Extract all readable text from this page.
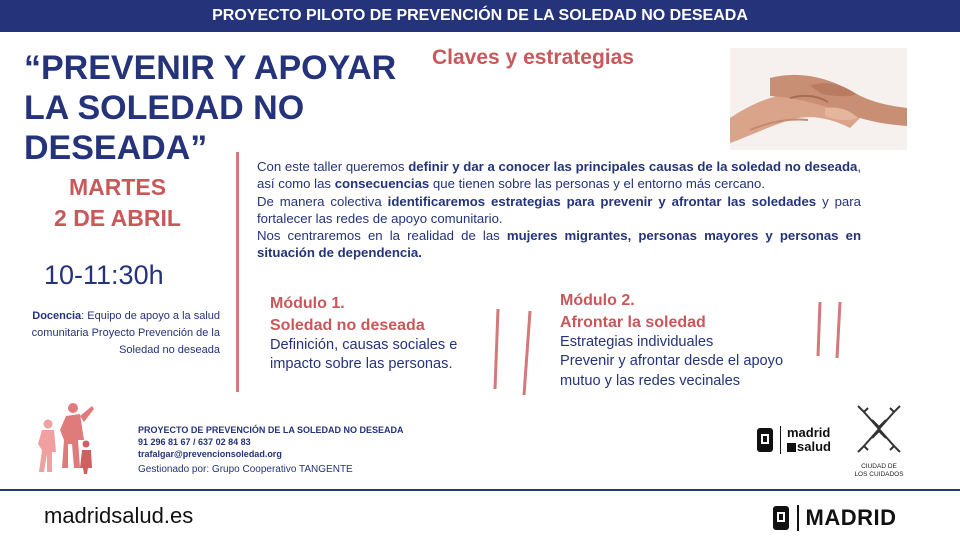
PROYECTO PILOTO DE PREVENCIÓN DE LA SOLEDAD NO DESEADA
“PREVENIR Y APOYAR
LA SOLEDAD NO DESEADA”
Claves y estrategias
MARTES
2 DE ABRIL
10-11:30h
Docencia: Equipo de apoyo a la salud comunitaria Proyecto Prevención de la Soledad no deseada
Con este taller queremos definir y dar a conocer las principales causas de la soledad no deseada, así como las consecuencias que tienen sobre las personas y el entorno más cercano.
De manera colectiva identificaremos estrategias para prevenir y afrontar las soledades y para fortalecer las redes de apoyo comunitario.
Nos centraremos en la realidad de las mujeres migrantes, personas mayores y personas en situación de dependencia.
Módulo 1.
Soledad no deseada
Definición, causas sociales e impacto sobre las personas.
Módulo 2.
Afrontar la soledad
Estrategias individuales
Prevenir y afrontar desde el apoyo mutuo y las redes vecinales
PROYECTO DE PREVENCIÓN DE LA SOLEDAD NO DESEADA
91 296 81 67 / 637 02 84 83
trafalgar@prevencionsoledad.org
Gestionado por: Grupo Cooperativo TANGENTE
madrid
salud
CIUDAD DE
LOS CUIDADOS
madridsalud.es	MADRID
